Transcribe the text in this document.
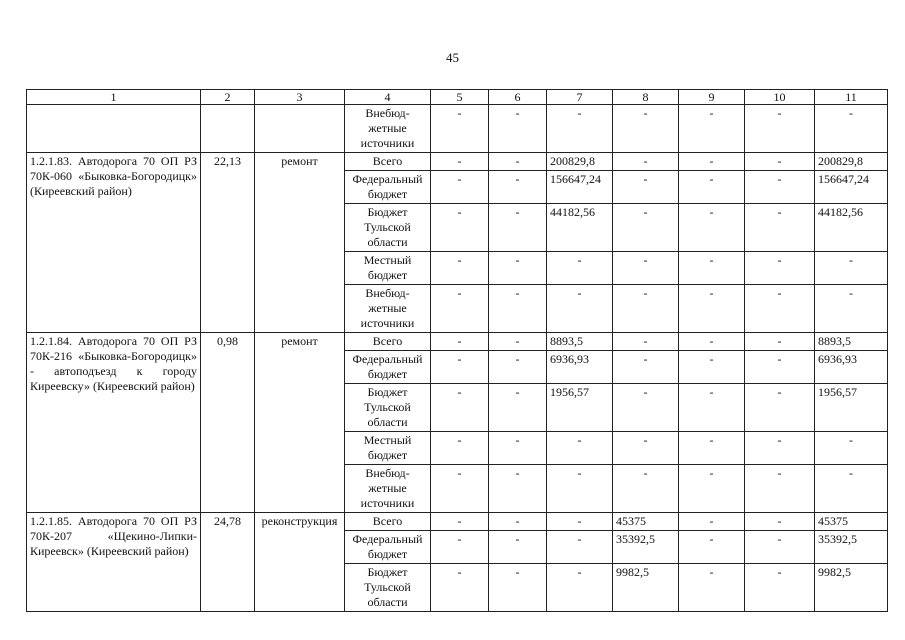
45
1	2	3	4	5	6	7	8	9	10	11
			Внебюд-жетные источники	-	-	-	-	-	-	-
1.2.1.83. Автодорога 70 ОП РЗ 70К-060 «Быковка-Богородицк» (Киреевский район)	22,13	ремонт	Всего	-	-	200829,8	-	-	-	200829,8
			Федеральный бюджет	-	-	156647,24	-	-	-	156647,24
			Бюджет Тульской области	-	-	44182,56	-	-	-	44182,56
			Местный бюджет	-	-	-	-	-	-	-
			Внебюд-жетные источники	-	-	-	-	-	-	-
1.2.1.84. Автодорога 70 ОП РЗ 70К-216 «Быковка-Богородицк» - автоподъезд к городу Киреевску» (Киреевский район)	0,98	ремонт	Всего	-	-	8893,5	-	-	-	8893,5
			Федеральный бюджет	-	-	6936,93	-	-	-	6936,93
			Бюджет Тульской области	-	-	1956,57	-	-	-	1956,57
			Местный бюджет	-	-	-	-	-	-	-
			Внебюд-жетные источники	-	-	-	-	-	-	-
1.2.1.85. Автодорога 70 ОП РЗ 70К-207 «Щекино-Липки-Киреевск» (Киреевский район)	24,78	реконструкция	Всего	-	-	-	45375	-	-	45375
			Федеральный бюджет	-	-	-	35392,5	-	-	35392,5
			Бюджет Тульской области	-	-	-	9982,5	-	-	9982,5
